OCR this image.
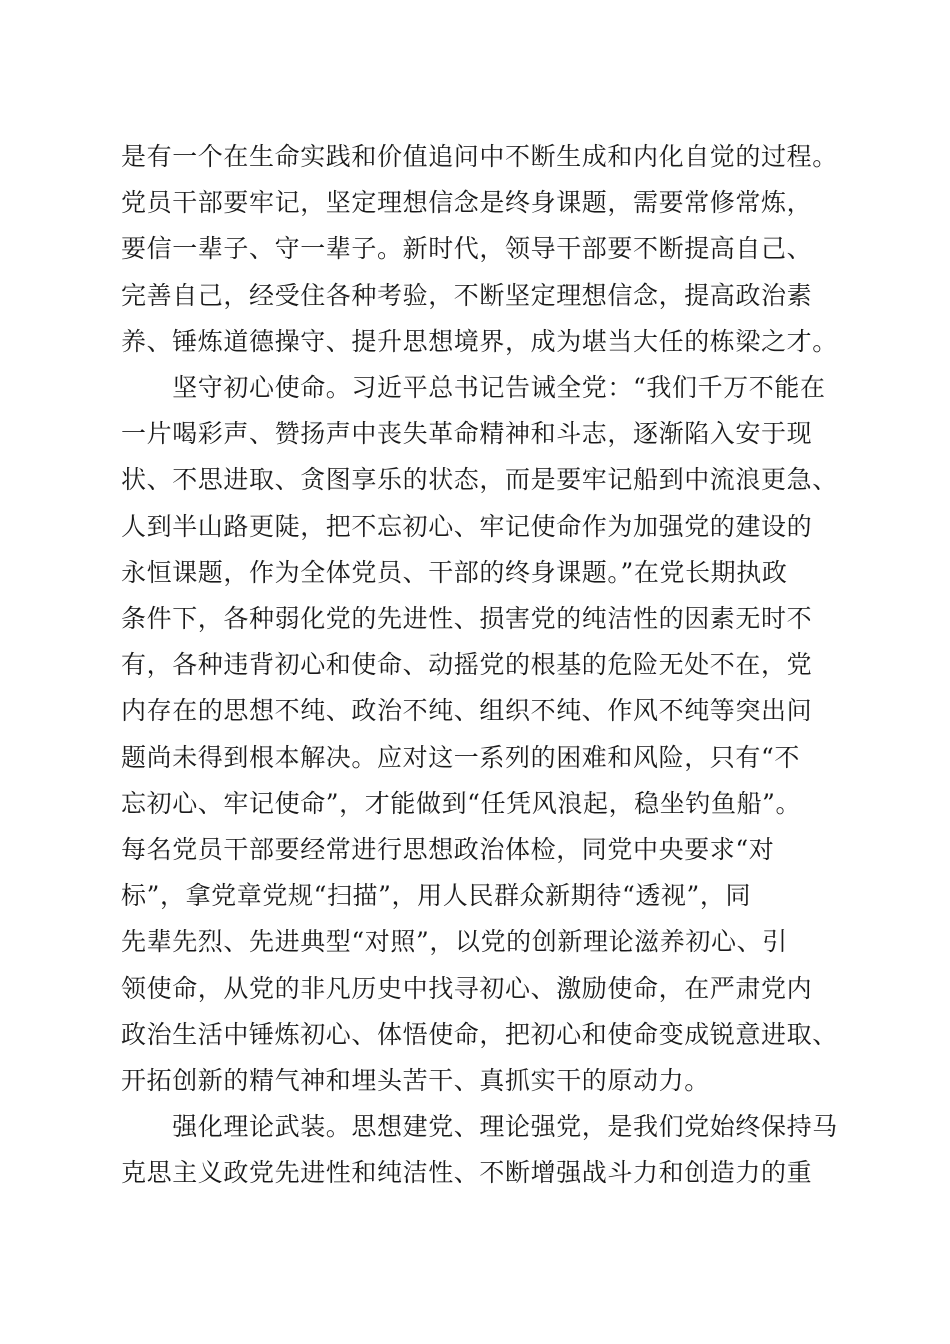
是有一个在生命实践和价值追问中不断生成和内化自觉的过程。
党员干部要牢记，坚定理想信念是终身课题，需要常修常炼，
要信一辈子、守一辈子。新时代，领导干部要不断提高自己、
完善自己，经受住各种考验，不断坚定理想信念，提高政治素
养、锤炼道德操守、提升思想境界，成为堪当大任的栋梁之才。

　　坚守初心使命。习近平总书记告诫全党：“我们千万不能在
一片喝彩声、赞扬声中丧失革命精神和斗志，逐渐陷入安于现
状、不思进取、贪图享乐的状态，而是要牢记船到中流浪更急、
人到半山路更陡，把不忘初心、牢记使命作为加强党的建设的
永恒课题，作为全体党员、干部的终身课题。”在党长期执政
条件下，各种弱化党的先进性、损害党的纯洁性的因素无时不
有，各种违背初心和使命、动摇党的根基的危险无处不在，党
内存在的思想不纯、政治不纯、组织不纯、作风不纯等突出问
题尚未得到根本解决。应对这一系列的困难和风险，只有“不
忘初心、牢记使命”，才能做到“任凭风浪起，稳坐钓鱼船”。
每名党员干部要经常进行思想政治体检，同党中央要求“对
标”，拿党章党规“扫描”，用人民群众新期待“透视”，同
先辈先烈、先进典型“对照”，以党的创新理论滋养初心、引
领使命，从党的非凡历史中找寻初心、激励使命，在严肃党内
政治生活中锤炼初心、体悟使命，把初心和使命变成锐意进取、
开拓创新的精气神和埋头苦干、真抓实干的原动力。

　　强化理论武装。思想建党、理论强党，是我们党始终保持马
克思主义政党先进性和纯洁性、不断增强战斗力和创造力的重
